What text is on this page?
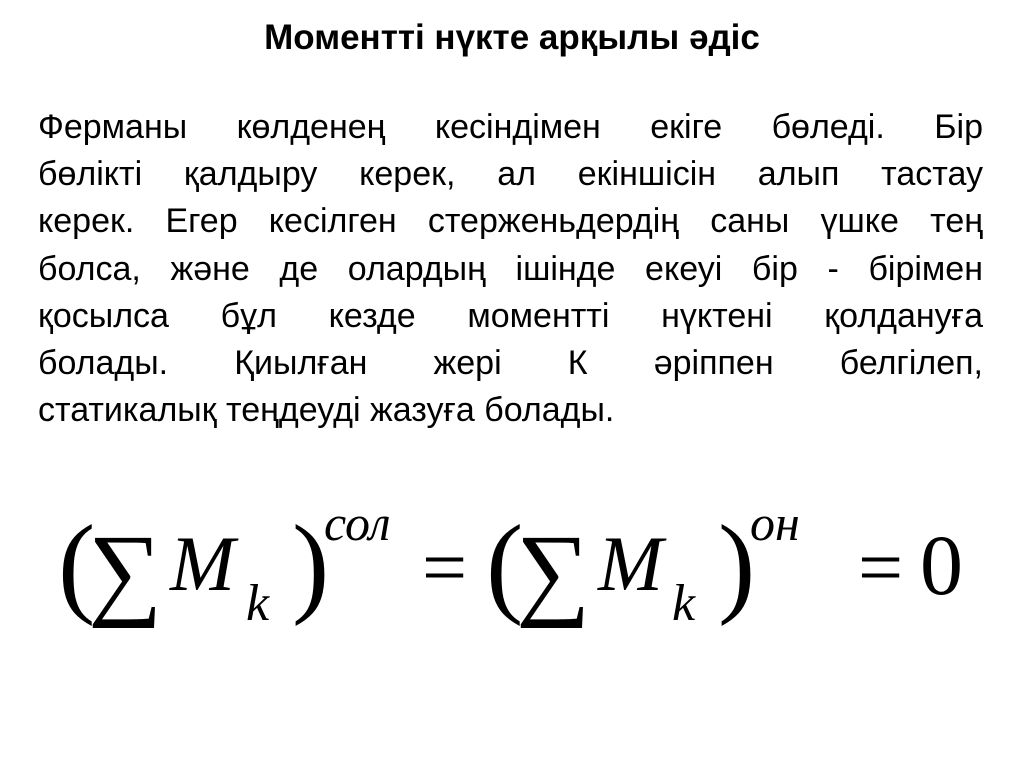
Моментті нүкте арқылы әдіс
Ферманы көлденең кесіндімен екіге бөледі. Бір
бөлікті қалдыру керек, ал екіншісін алып тастау
керек. Егер кесілген стерженьдердің саны үшке тең
болса, және де олардың ішінде екеуі бір - бірімен
қосылса бұл кезде моментті нүктені қолдануға
болады. Қиылған жері К әріппен белгілеп,
статикалық теңдеуді жазуға болады.
(
∑ M k )
сол
= (
∑ M k )
он
= 0
